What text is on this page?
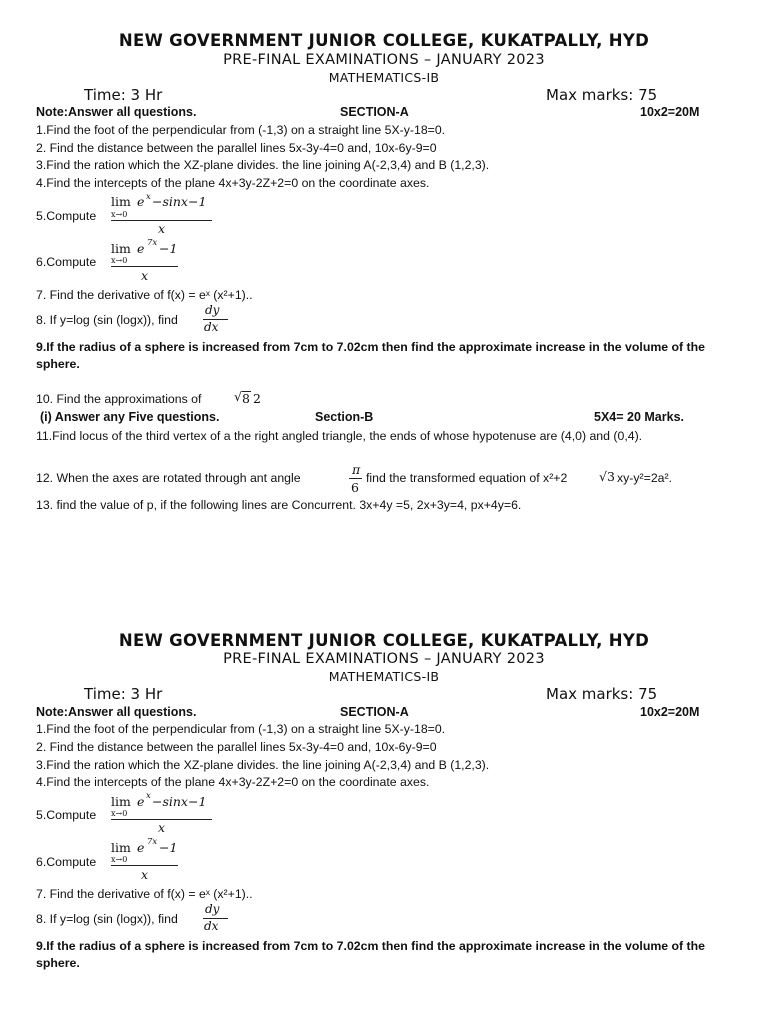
NEW GOVERNMENT JUNIOR COLLEGE, KUKATPALLY, HYD
PRE-FINAL EXAMINATIONS – JANUARY 2023
MATHEMATICS-IB
Time: 3 Hr	Max marks: 75
Note:Answer all questions.	SECTION-A	10x2=20M
1.Find the foot of the perpendicular from (-1,3) on a straight line 5X-y-18=0.
2. Find the distance between the parallel lines 5x-3y-4=0 and, 10x-6y-9=0
3.Find the ration which the XZ-plane divides. the line joining A(-2,3,4) and B (1,2,3).
4.Find the intercepts of the plane 4x+3y-2Z+2=0 on the coordinate axes.
5.Compute
lim
x→0
e x −sinx−1
x
6.Compute
lim
x→0
e 7x −1
x
7. Find the derivative of f(x) = eˣ (x²+1)..
8. If y=log (sin (logx)), find
dy
dx
9.If the radius of a sphere is increased from 7cm to 7.02cm then find the approximate increase in the volume of the sphere.
10. Find the approximations of	√ 82
(i) Answer any Five questions.	Section-B	5X4= 20 Marks.
11.Find locus of the third vertex of a the right angled triangle, the ends of whose hypotenuse are (4,0) and (0,4).
12. When the axes are rotated through ant angle
π
6
find the transformed equation of x²+2	√3 xy-y²=2a².
13. find the value of p, if the following lines are Concurrent. 3x+4y =5, 2x+3y=4, px+4y=6.
NEW GOVERNMENT JUNIOR COLLEGE, KUKATPALLY, HYD
PRE-FINAL EXAMINATIONS – JANUARY 2023
MATHEMATICS-IB
Time: 3 Hr	Max marks: 75
Note:Answer all questions.	SECTION-A	10x2=20M
1.Find the foot of the perpendicular from (-1,3) on a straight line 5X-y-18=0.
2. Find the distance between the parallel lines 5x-3y-4=0 and, 10x-6y-9=0
3.Find the ration which the XZ-plane divides. the line joining A(-2,3,4) and B (1,2,3).
4.Find the intercepts of the plane 4x+3y-2Z+2=0 on the coordinate axes.
5.Compute
lim
x→0
e x −sinx−1
x
6.Compute
lim
x→0
e 7x −1
x
7. Find the derivative of f(x) = eˣ (x²+1)..
8. If y=log (sin (logx)), find
dy
dx
9.If the radius of a sphere is increased from 7cm to 7.02cm then find the approximate increase in the volume of the sphere.
